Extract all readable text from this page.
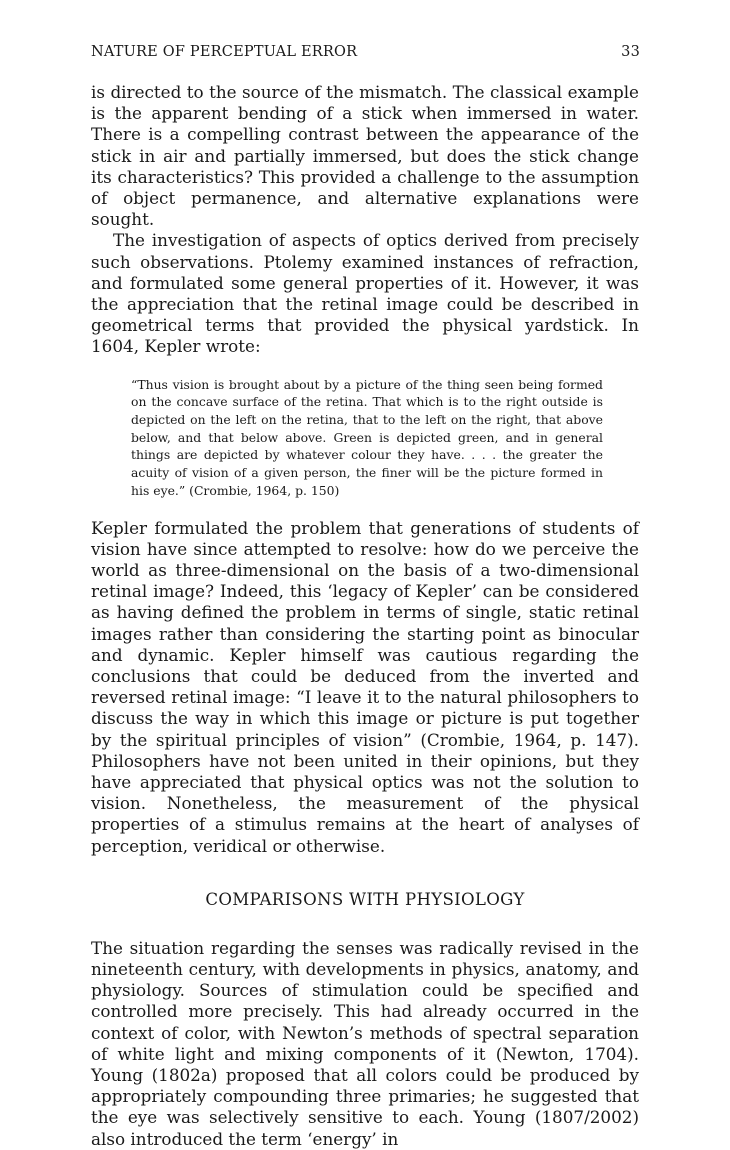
NATURE OF PERCEPTUAL ERROR	33

is directed to the source of the mismatch. The classical example is the apparent bending of a stick when immersed in water. There is a compelling contrast between the appearance of the stick in air and partially immersed, but does the stick change its characteristics? This provided a challenge to the assumption of object permanence, and alternative explanations were sought.

The investigation of aspects of optics derived from precisely such observations. Ptolemy examined instances of refraction, and formulated some general properties of it. However, it was the appreciation that the retinal image could be described in geometrical terms that provided the physical yardstick. In 1604, Kepler wrote:

“Thus vision is brought about by a picture of the thing seen being formed on the concave surface of the retina. That which is to the right outside is depicted on the left on the retina, that to the left on the right, that above below, and that below above. Green is depicted green, and in general things are depicted by whatever colour they have. . . . the greater the acuity of vision of a given person, the finer will be the picture formed in his eye.” (Crombie, 1964, p. 150)

Kepler formulated the problem that generations of students of vision have since attempted to resolve: how do we perceive the world as three-dimensional on the basis of a two-dimensional retinal image? Indeed, this ‘legacy of Kepler’ can be considered as having defined the problem in terms of single, static retinal images rather than considering the starting point as binocular and dynamic. Kepler himself was cautious regarding the conclusions that could be deduced from the inverted and reversed retinal image: “I leave it to the natural philosophers to discuss the way in which this image or picture is put together by the spiritual principles of vision” (Crombie, 1964, p. 147). Philosophers have not been united in their opinions, but they have appreciated that physical optics was not the solution to vision. Nonetheless, the measurement of the physical properties of a stimulus remains at the heart of analyses of perception, veridical or otherwise.

COMPARISONS WITH PHYSIOLOGY

The situation regarding the senses was radically revised in the nineteenth century, with developments in physics, anatomy, and physiology. Sources of stimulation could be specified and controlled more precisely. This had already occurred in the context of color, with Newton’s methods of spectral separation of white light and mixing components of it (Newton, 1704). Young (1802a) proposed that all colors could be produced by appropriately compounding three primaries; he suggested that the eye was selectively sensitive to each. Young (1807/2002) also introduced the term ‘energy’ in
